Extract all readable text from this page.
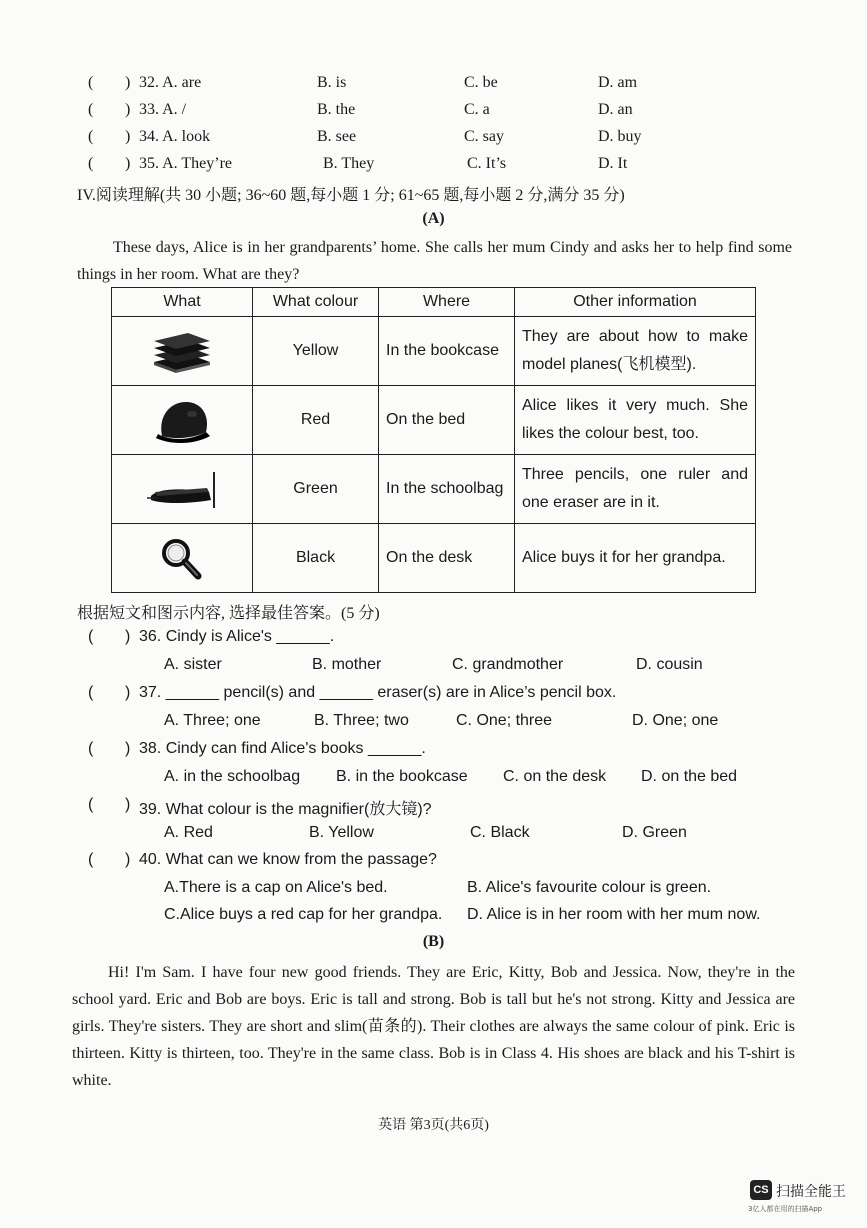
( ) 32. A. are	B. is	C. be	D. am
( ) 33. A. /	B. the	C. a	D. an
( ) 34. A. look	B. see	C. say	D. buy
( ) 35. A. They’re	B. They	C. It’s	D. It
IV.阅读理解(共 30 小题; 36~60 题,每小题 1 分; 61~65 题,每小题 2 分,满分 35 分)
(A)

These days, Alice is in her grandparents’ home. She calls her mum Cindy and asks her to help find some things in her room. What are they?

What	What colour	Where	Other information

	Yellow	In the bookcase	They are about how to make model planes(飞机模型).

	Red	On the bed	Alice likes it very much. She likes the colour best, too.

	Green	In the schoolbag	Three pencils, one ruler and one eraser are in it.

	Black	On the desk	Alice buys it for her grandpa.
根据短文和图示内容, 选择最佳答案。(5 分)
( ) 36. Cindy is Alice's ______.
A. sister	B. mother	C. grandmother	D. cousin
( ) 37. ______ pencil(s) and ______ eraser(s) are in Alice’s pencil box.
A. Three; one	B. Three; two	C. One; three	D. One; one
( ) 38. Cindy can find Alice's books ______.
A. in the schoolbag B. in the bookcase C. on the desk D. on the bed
( ) 39. What colour is the magnifier(放大镜)?
A. Red	B. Yellow	C. Black	D. Green
( ) 40. What can we know from the passage?
A.There is a cap on Alice's bed.	B. Alice's favourite colour is green.
C.Alice buys a red cap for her grandpa. D. Alice is in her room with her mum now.
(B)

Hi! I'm Sam. I have four new good friends. They are Eric, Kitty, Bob and Jessica. Now, they're in the school yard. Eric and Bob are boys. Eric is tall and strong. Bob is tall but he's not strong. Kitty and Jessica are girls. They're sisters. They are short and slim(苗条的). Their clothes are always the same colour of pink. Eric is thirteen. Kitty is thirteen, too. They're in the same class. Bob is in Class 4. His shoes are black and his T-shirt is white.

英语 第3页(共6页)
CS 扫描全能王
3亿人都在用的扫描App
